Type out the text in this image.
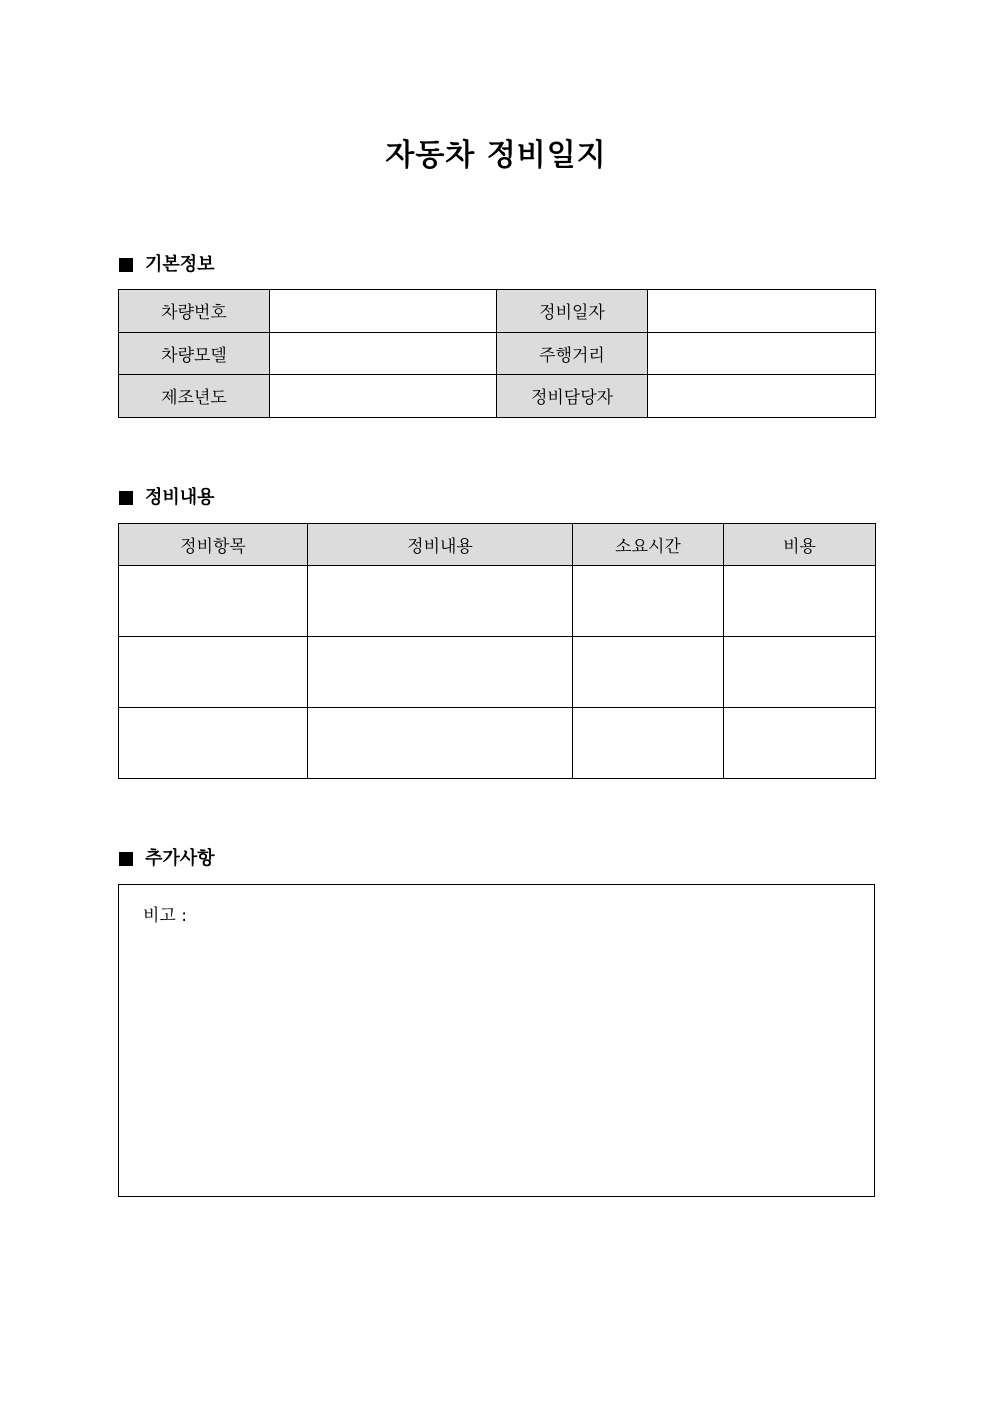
자동차 정비일지
기본정보
차량번호		정비일자	
차량모델		주행거리	
제조년도		정비담당자	
정비내용
정비항목	정비내용	소요시간	비용

추가사항
비고 :
